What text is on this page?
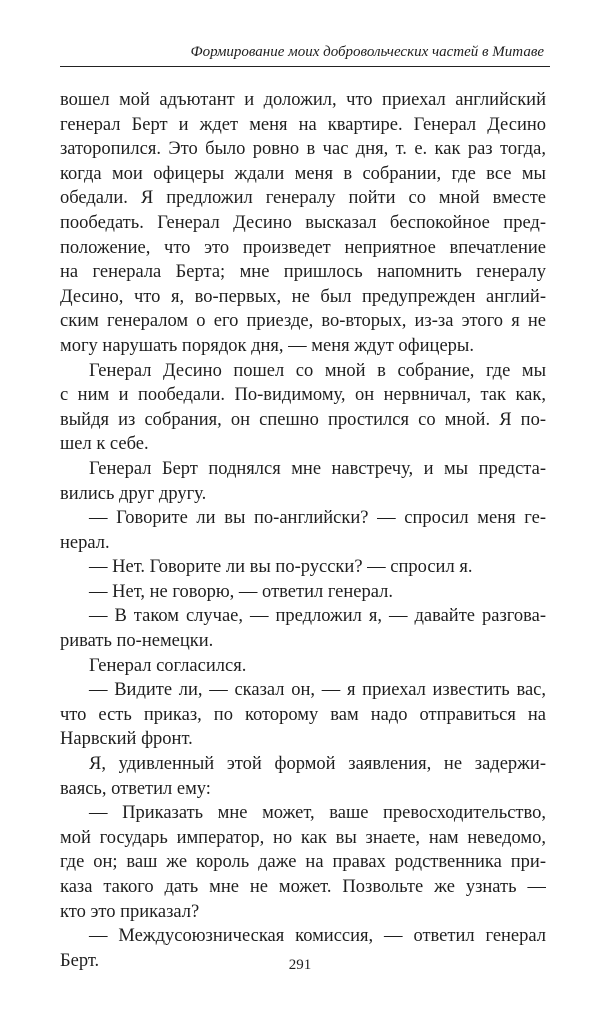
Формирование моих добровольческих частей в Митаве
вошел мой адъютант и доложил, что приехал английский
генерал Берт и ждет меня на квартире. Генерал Десино
заторопился. Это было ровно в час дня, т. е. как раз тогда,
когда мои офицеры ждали меня в собрании, где все мы
обедали. Я предложил генералу пойти со мной вместе
пообедать. Генерал Десино высказал беспокойное пред-
положение, что это произведет неприятное впечатление
на генерала Берта; мне пришлось напомнить генералу
Десино, что я, во-первых, не был предупрежден англий-
ским генералом о его приезде, во-вторых, из-за этого я не
могу нарушать порядок дня, — меня ждут офицеры.
Генерал Десино пошел со мной в собрание, где мы
с ним и пообедали. По-видимому, он нервничал, так как,
выйдя из собрания, он спешно простился со мной. Я по-
шел к себе.
Генерал Берт поднялся мне навстречу, и мы предста-
вились друг другу.
— Говорите ли вы по-английски? — спросил меня ге-
нерал.
— Нет. Говорите ли вы по-русски? — спросил я.
— Нет, не говорю, — ответил генерал.
— В таком случае, — предложил я, — давайте разгова-
ривать по-немецки.
Генерал согласился.
— Видите ли, — сказал он, — я приехал известить вас,
что есть приказ, по которому вам надо отправиться на
Нарвский фронт.
Я, удивленный этой формой заявления, не задержи-
ваясь, ответил ему:
— Приказать мне может, ваше превосходительство,
мой государь император, но как вы знаете, нам неведомо,
где он; ваш же король даже на правах родственника при-
каза такого дать мне не может. Позвольте же узнать —
кто это приказал?
— Междусоюзническая комиссия, — ответил генерал
Берт.	291
